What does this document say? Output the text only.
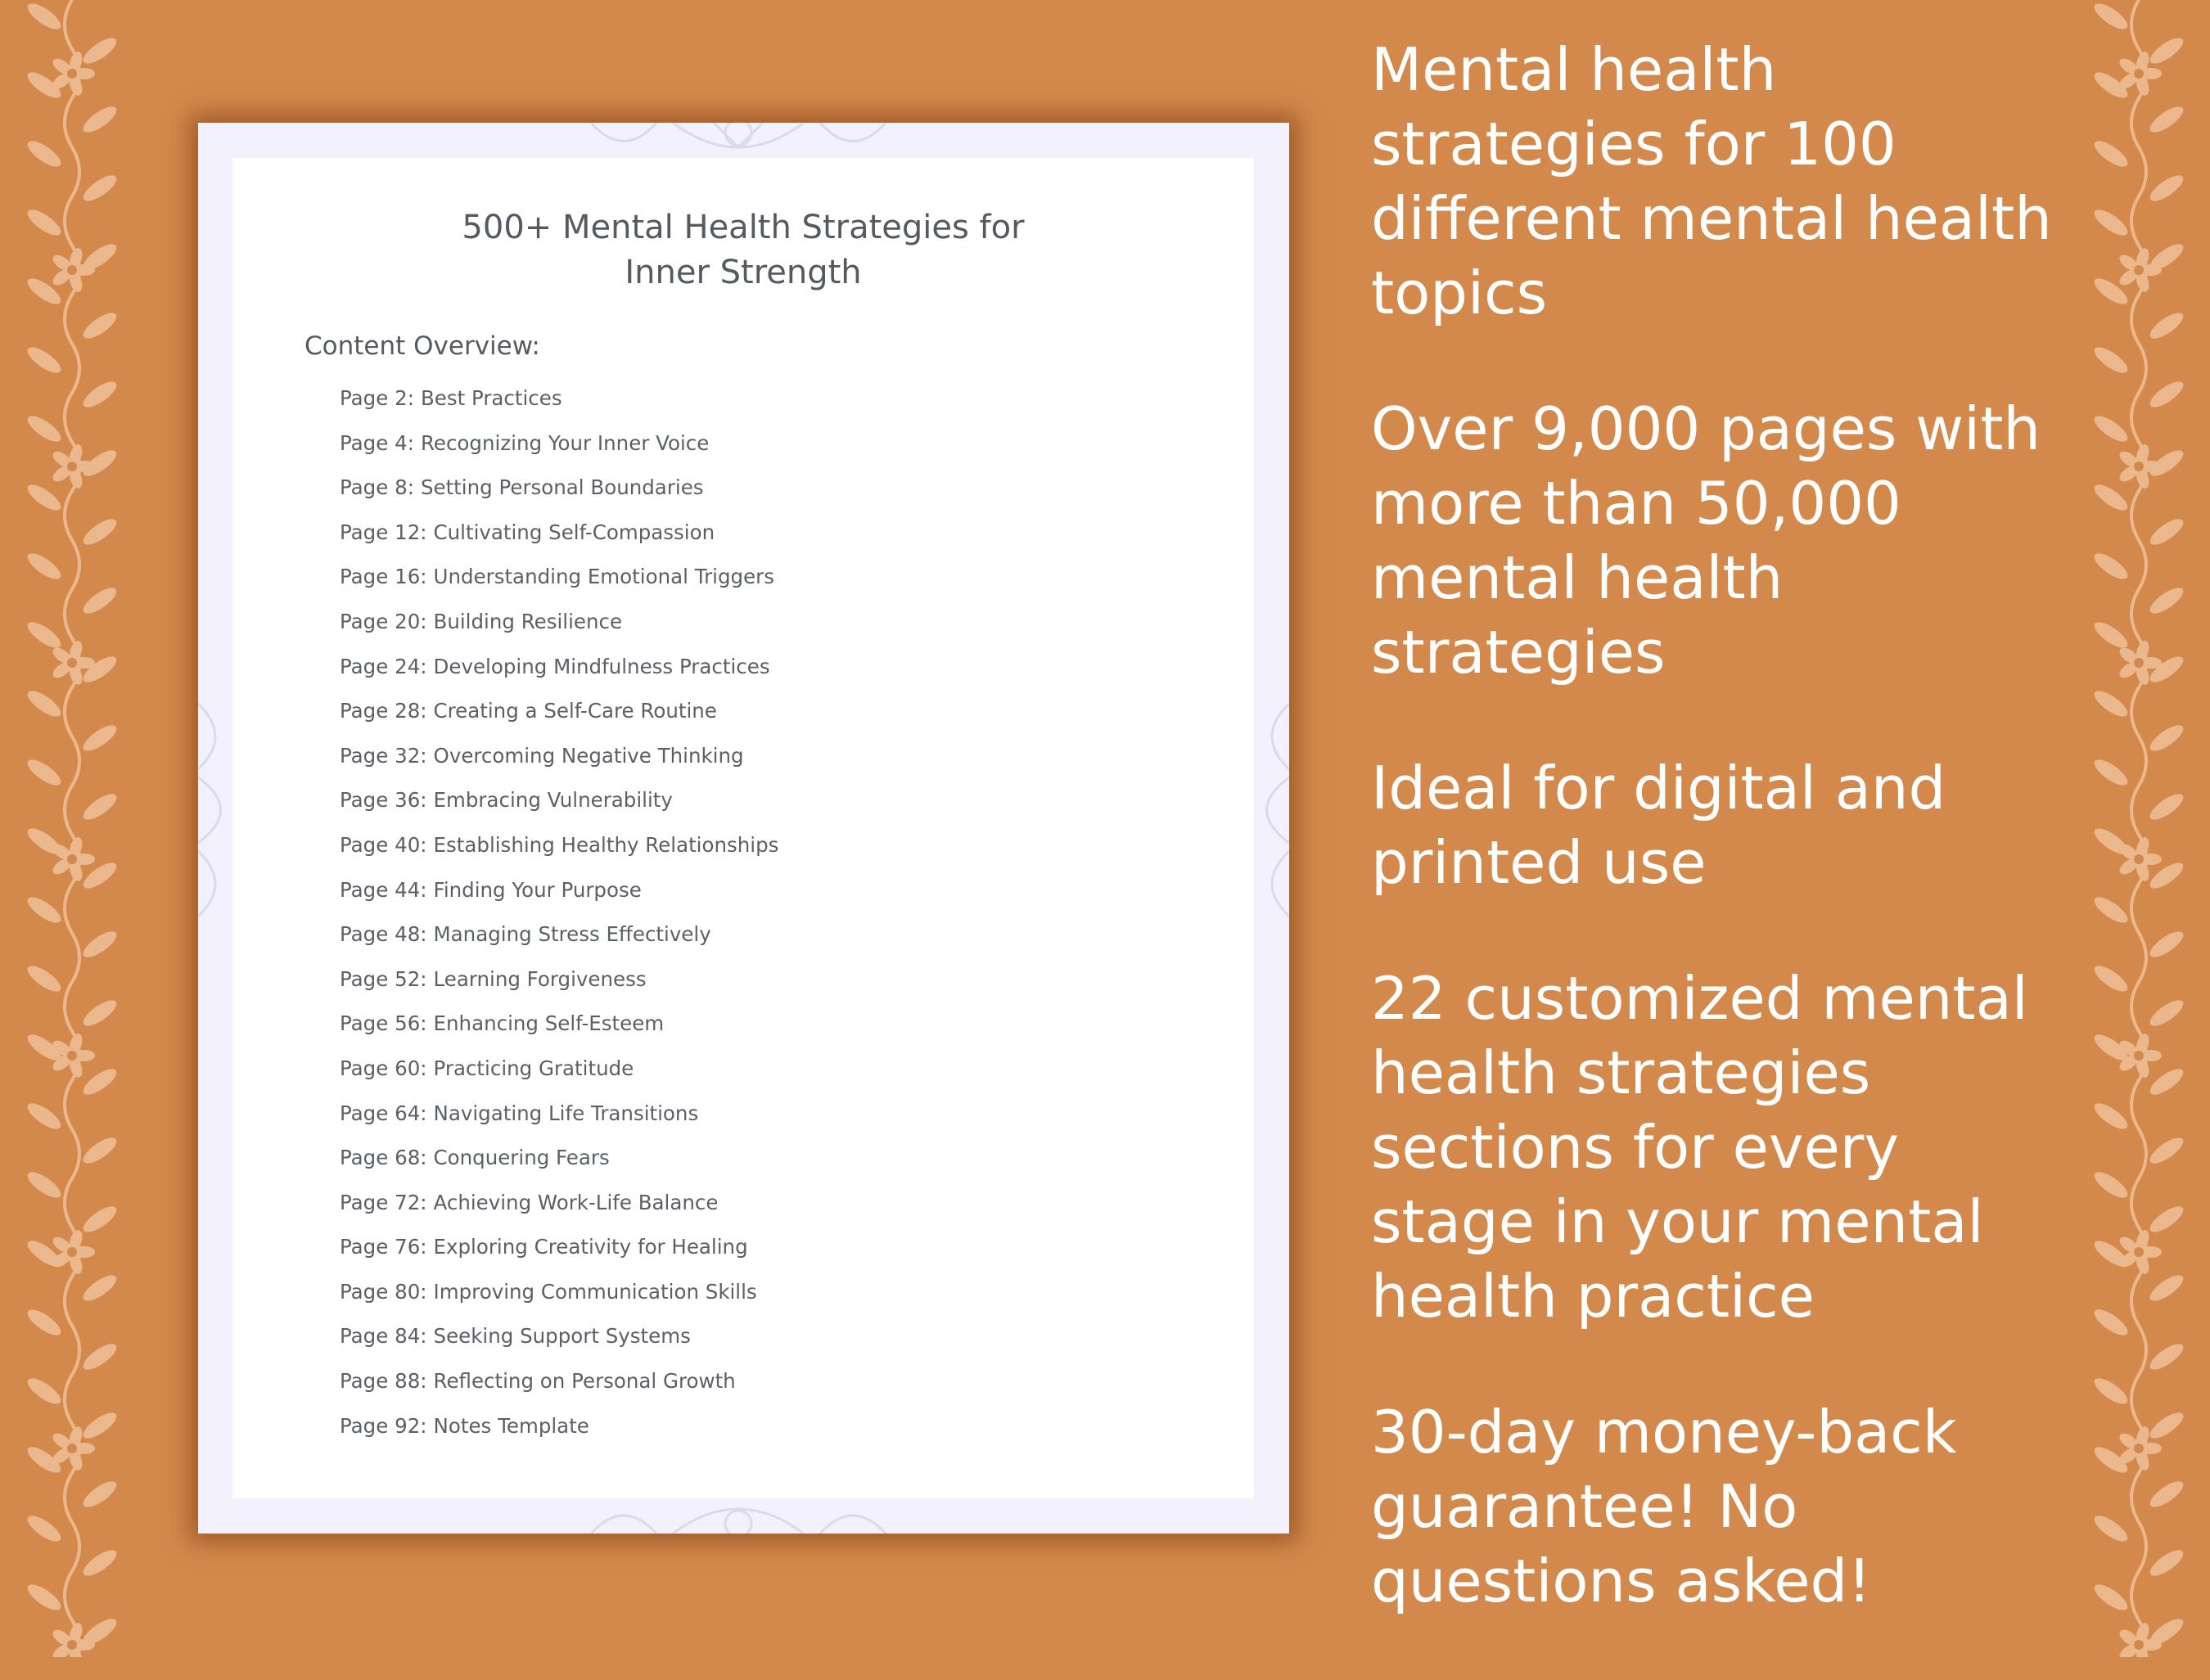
500+ Mental Health Strategies for
Inner Strength
Content Overview:
Page 2: Best Practices
Page 4: Recognizing Your Inner Voice
Page 8: Setting Personal Boundaries
Page 12: Cultivating Self-Compassion
Page 16: Understanding Emotional Triggers
Page 20: Building Resilience
Page 24: Developing Mindfulness Practices
Page 28: Creating a Self-Care Routine
Page 32: Overcoming Negative Thinking
Page 36: Embracing Vulnerability
Page 40: Establishing Healthy Relationships
Page 44: Finding Your Purpose
Page 48: Managing Stress Effectively
Page 52: Learning Forgiveness
Page 56: Enhancing Self-Esteem
Page 60: Practicing Gratitude
Page 64: Navigating Life Transitions
Page 68: Conquering Fears
Page 72: Achieving Work-Life Balance
Page 76: Exploring Creativity for Healing
Page 80: Improving Communication Skills
Page 84: Seeking Support Systems
Page 88: Reflecting on Personal Growth
Page 92: Notes Template
Mental health
strategies for 100
different mental health
topics
Over 9,000 pages with
more than 50,000
mental health
strategies
Ideal for digital and
printed use
22 customized mental
health strategies
sections for every
stage in your mental
health practice
30-day money-back
guarantee! No
questions asked!
